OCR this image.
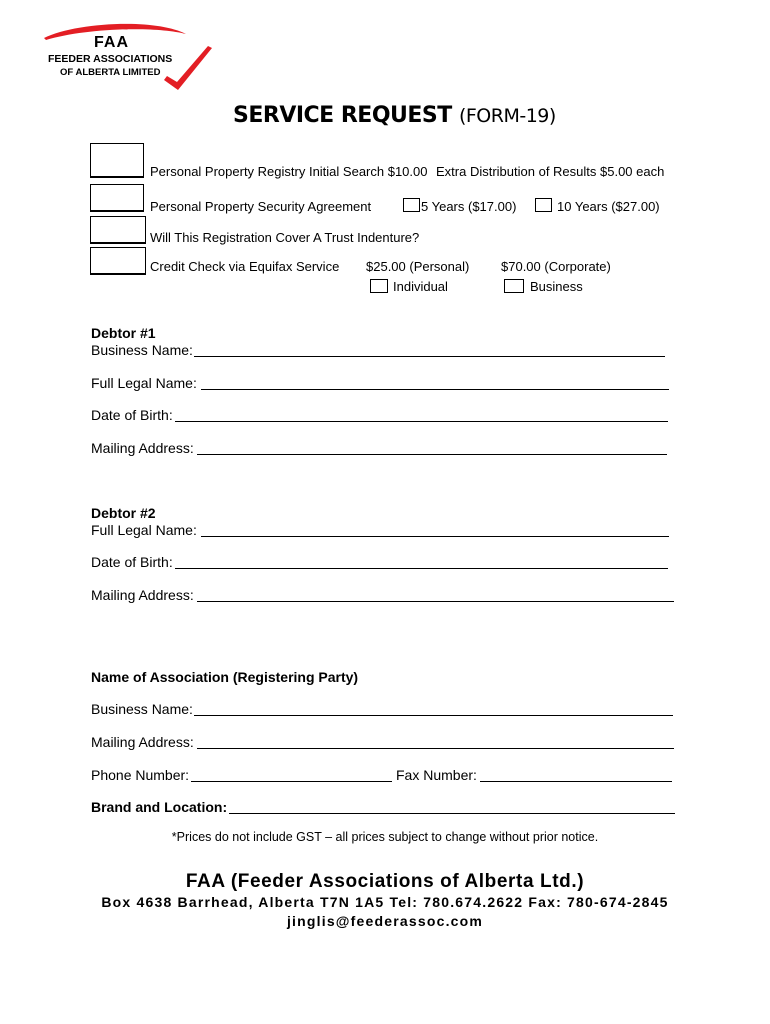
FAA
FEEDER ASSOCIATIONS
OF ALBERTA LIMITED
SERVICE REQUEST (FORM-19)
Personal Property Registry Initial Search $10.00 Extra Distribution of Results $5.00 each
Personal Property Security Agreement	5 Years ($17.00)	10 Years ($27.00)
Will This Registration Cover A Trust Indenture?
Credit Check via Equifax Service $25.00 (Personal) $70.00 (Corporate)
Individual	Business
Debtor #1
Business Name:
Full Legal Name:
Date of Birth:
Mailing Address:
Debtor #2
Full Legal Name:
Date of Birth:
Mailing Address:
Name of Association (Registering Party)
Business Name:
Mailing Address:
Phone Number:	Fax Number:
Brand and Location:
*Prices do not include GST – all prices subject to change without prior notice.
FAA (Feeder Associations of Alberta Ltd.)
Box 4638 Barrhead, Alberta T7N 1A5 Tel: 780.674.2622 Fax: 780-674-2845
jinglis@feederassoc.com
